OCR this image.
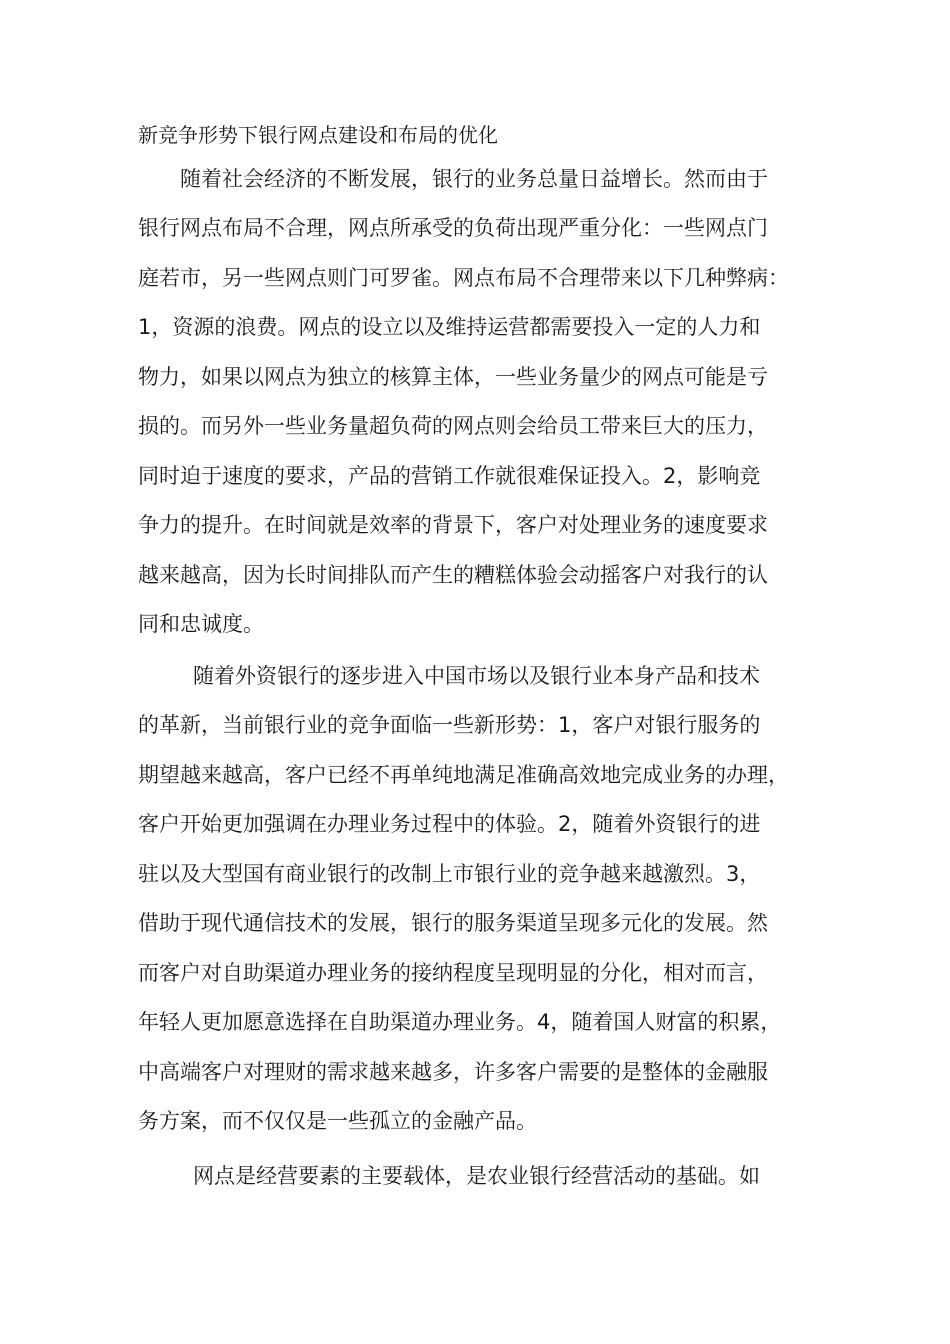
新竞争形势下银行网点建设和布局的优化
随着社会经济的不断发展，银行的业务总量日益增长。然而由于
银行网点布局不合理，网点所承受的负荷出现严重分化：一些网点门
庭若市，另一些网点则门可罗雀。网点布局不合理带来以下几种弊病：
1，资源的浪费。网点的设立以及维持运营都需要投入一定的人力和
物力，如果以网点为独立的核算主体，一些业务量少的网点可能是亏
损的。而另外一些业务量超负荷的网点则会给员工带来巨大的压力，
同时迫于速度的要求，产品的营销工作就很难保证投入。2，影响竞
争力的提升。在时间就是效率的背景下，客户对处理业务的速度要求
越来越高，因为长时间排队而产生的糟糕体验会动摇客户对我行的认
同和忠诚度。
随着外资银行的逐步进入中国市场以及银行业本身产品和技术
的革新，当前银行业的竞争面临一些新形势：1，客户对银行服务的
期望越来越高，客户已经不再单纯地满足准确高效地完成业务的办理，
客户开始更加强调在办理业务过程中的体验。2，随着外资银行的进
驻以及大型国有商业银行的改制上市银行业的竞争越来越激烈。3，
借助于现代通信技术的发展，银行的服务渠道呈现多元化的发展。然
而客户对自助渠道办理业务的接纳程度呈现明显的分化，相对而言，
年轻人更加愿意选择在自助渠道办理业务。4，随着国人财富的积累，
中高端客户对理财的需求越来越多，许多客户需要的是整体的金融服
务方案，而不仅仅是一些孤立的金融产品。
网点是经营要素的主要载体，是农业银行经营活动的基础。如
